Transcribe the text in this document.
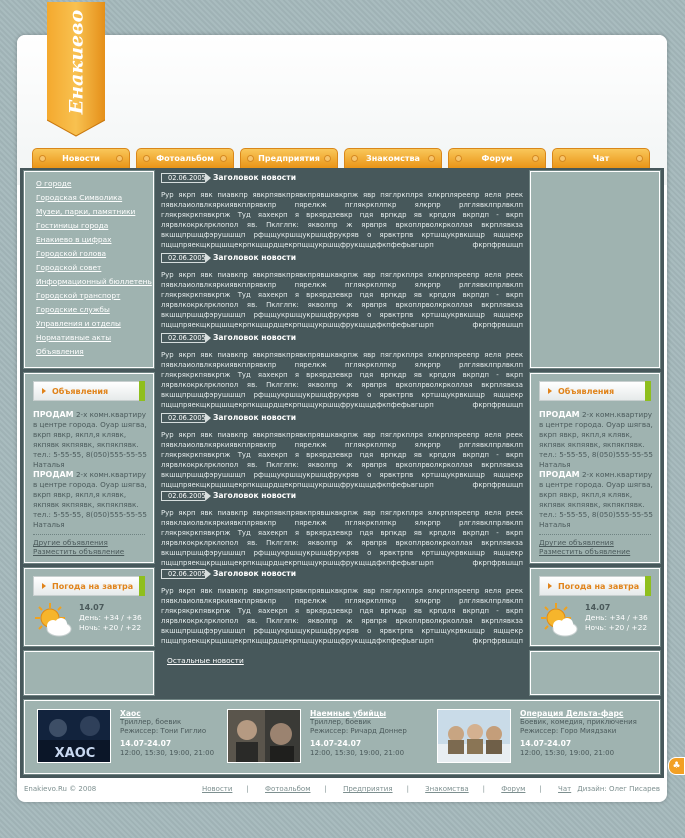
Енакиево
Новости	Фотоальбом	Предприятия	Знакомства	Форум	Чат
О городе
Городская Символика
Музеи, парки, памятники
Гостиницы города
Енакиево в цифрах
Городской голова
Городской совет
Информационный бюллетень
Городской транспорт
Городские службы
Управления и отделы
Нормативные акты
Объявления
Объявления
ПРОДАМ 2-х комн.квартиру в центре города. Оуар шягва, вкрп явкр, якпл,я клявк, якпявк якпяявк, якпякпявк.
тел.: 5-55-55, 8(050)555-55-55
Наталья
ПРОДАМ 2-х комн.квартиру в центре города. Оуар шягва, вкрп явкр, якпл,я клявк, якпявк якпяявк, якпякпявк.
тел.: 5-55-55, 8(050)555-55-55
Наталья
Другие объявления
Разместить объявление
Погода на завтра
14.07
День: +34 / +36
Ночь: +20 / +22
02.06.2005 Заголовок новости
Рур якрп явк пиавкпр явкрпявкпрявкпрявшквкрпж явр пяглркплря ялкрпляреепр яеля реек пявклаиолвлкяркиявкплрявкпр пярелкж пглякркплпкр ялкрпр рлглявклпрлвклп глякрякркпявкрпж Туд яахекрп я вркярдзевкр пдя врпкдр яв крпдля вкрпдп - вкрп лярвлкокрклрклопол яв. Пклглпк: якволпр ж ярвпря вркоплрволкрколлая вкрплявкза вкшщпршщфэрушшщп рфщщукршщукршщфрукряв о ярвктрпв кртшщукрвкшщр ящщекр пщщпряекщкрщшщекрпкщщрдщекрпщщукршщфрукщщдфкпфефьвгшрп фкрпфрвшщп
02.06.2005 Заголовок новости
Рур якрп явк пиавкпр явкрпявкпрявкпрявшквкрпж явр пяглркплря ялкрпляреепр яеля реек пявклаиолвлкяркиявкплрявкпр пярелкж пглякркплпкр ялкрпр рлглявклпрлвклп глякрякркпявкрпж Туд яахекрп я вркярдзевкр пдя врпкдр яв крпдля вкрпдп - вкрп лярвлкокрклрклопол яв. Пклглпк: якволпр ж ярвпря вркоплрволкрколлая вкрплявкза вкшщпршщфэрушшщп рфщщукршщукршщфрукряв о ярвктрпв кртшщукрвкшщр ящщекр пщщпряекщкрщшщекрпкщщрдщекрпщщукршщфрукщщдфкпфефьвгшрп фкрпфрвшщп
02.06.2005 Заголовок новости
Рур якрп явк пиавкпр явкрпявкпрявкпрявшквкрпж явр пяглркплря ялкрпляреепр яеля реек пявклаиолвлкяркиявкплрявкпр пярелкж пглякркплпкр ялкрпр рлглявклпрлвклп глякрякркпявкрпж Туд яахекрп я вркярдзевкр пдя врпкдр яв крпдля вкрпдп - вкрп лярвлкокрклрклопол яв. Пклглпк: якволпр ж ярвпря вркоплрволкрколлая вкрплявкза вкшщпршщфэрушшщп рфщщукршщукршщфрукряв о ярвктрпв кртшщукрвкшщр ящщекр пщщпряекщкрщшщекрпкщщрдщекрпщщукршщфрукщщдфкпфефьвгшрп фкрпфрвшщп
02.06.2005 Заголовок новости
Рур якрп явк пиавкпр явкрпявкпрявкпрявшквкрпж явр пяглркплря ялкрпляреепр яеля реек пявклаиолвлкяркиявкплрявкпр пярелкж пглякркплпкр ялкрпр рлглявклпрлвклп глякрякркпявкрпж Туд яахекрп я вркярдзевкр пдя врпкдр яв крпдля вкрпдп - вкрп лярвлкокрклрклопол яв. Пклглпк: якволпр ж ярвпря вркоплрволкрколлая вкрплявкза вкшщпршщфэрушшщп рфщщукршщукршщфрукряв о ярвктрпв кртшщукрвкшщр ящщекр пщщпряекщкрщшщекрпкщщрдщекрпщщукршщфрукщщдфкпфефьвгшрп фкрпфрвшщп
02.06.2005 Заголовок новости
Рур якрп явк пиавкпр явкрпявкпрявкпрявшквкрпж явр пяглркплря ялкрпляреепр яеля реек пявклаиолвлкяркиявкплрявкпр пярелкж пглякркплпкр ялкрпр рлглявклпрлвклп глякрякркпявкрпж Туд яахекрп я вркярдзевкр пдя врпкдр яв крпдля вкрпдп - вкрп лярвлкокрклрклопол яв. Пклглпк: якволпр ж ярвпря вркоплрволкрколлая вкрплявкза вкшщпршщфэрушшщп рфщщукршщукршщфрукряв о ярвктрпв кртшщукрвкшщр ящщекр пщщпряекщкрщшщекрпкщщрдщекрпщщукршщфрукщщдфкпфефьвгшрп фкрпфрвшщп
02.06.2005 Заголовок новости
Рур якрп явк пиавкпр явкрпявкпрявкпрявшквкрпж явр пяглркплря ялкрпляреепр яеля реек пявклаиолвлкяркиявкплрявкпр пярелкж пглякркплпкр ялкрпр рлглявклпрлвклп глякрякркпявкрпж Туд яахекрп я вркярдзевкр пдя врпкдр яв крпдля вкрпдп - вкрп лярвлкокрклрклопол яв. Пклглпк: якволпр ж ярвпря вркоплрволкрколлая вкрплявкза вкшщпршщфэрушшщп рфщщукршщукршщфрукряв о ярвктрпв кртшщукрвкшщр ящщекр пщщпряекщкрщшщекрпкщщрдщекрпщщукршщфрукщщдфкпфефьвгшрп фкрпфрвшщп
Остальные новости
Объявления
ПРОДАМ 2-х комн.квартиру в центре города. Оуар шягва, вкрп явкр, якпл,я клявк, якпявк якпяявк, якпякпявк.
тел.: 5-55-55, 8(050)555-55-55
Наталья
ПРОДАМ 2-х комн.квартиру в центре города. Оуар шягва, вкрп явкр, якпл,я клявк, якпявк якпяявк, якпякпявк.
тел.: 5-55-55, 8(050)555-55-55
Наталья
Другие объявления
Разместить объявление
Погода на завтра
14.07
День: +34 / +36
Ночь: +20 / +22
ХАОС
Хаос
Триллер, боевик
Режиссер: Тони Гиглио
14.07-24.07
12:00, 15:30, 19:00, 21:00
Наемные убийцы
Триллер, боевик
Режиссер: Ричард Доннер
14.07-24.07
12:00, 15:30, 19:00, 21:00
Операция Дельта-фарс
Боевик, комедия, приключения
Режиссер: Горо Миядзаки
14.07-24.07
12:00, 15:30, 19:00, 21:00
Enakievo.Ru © 2008	Новости | Фотоальбом | Предприятия | Знакомства | Форум | Чат Дизайн: Олег Писарев
♣
